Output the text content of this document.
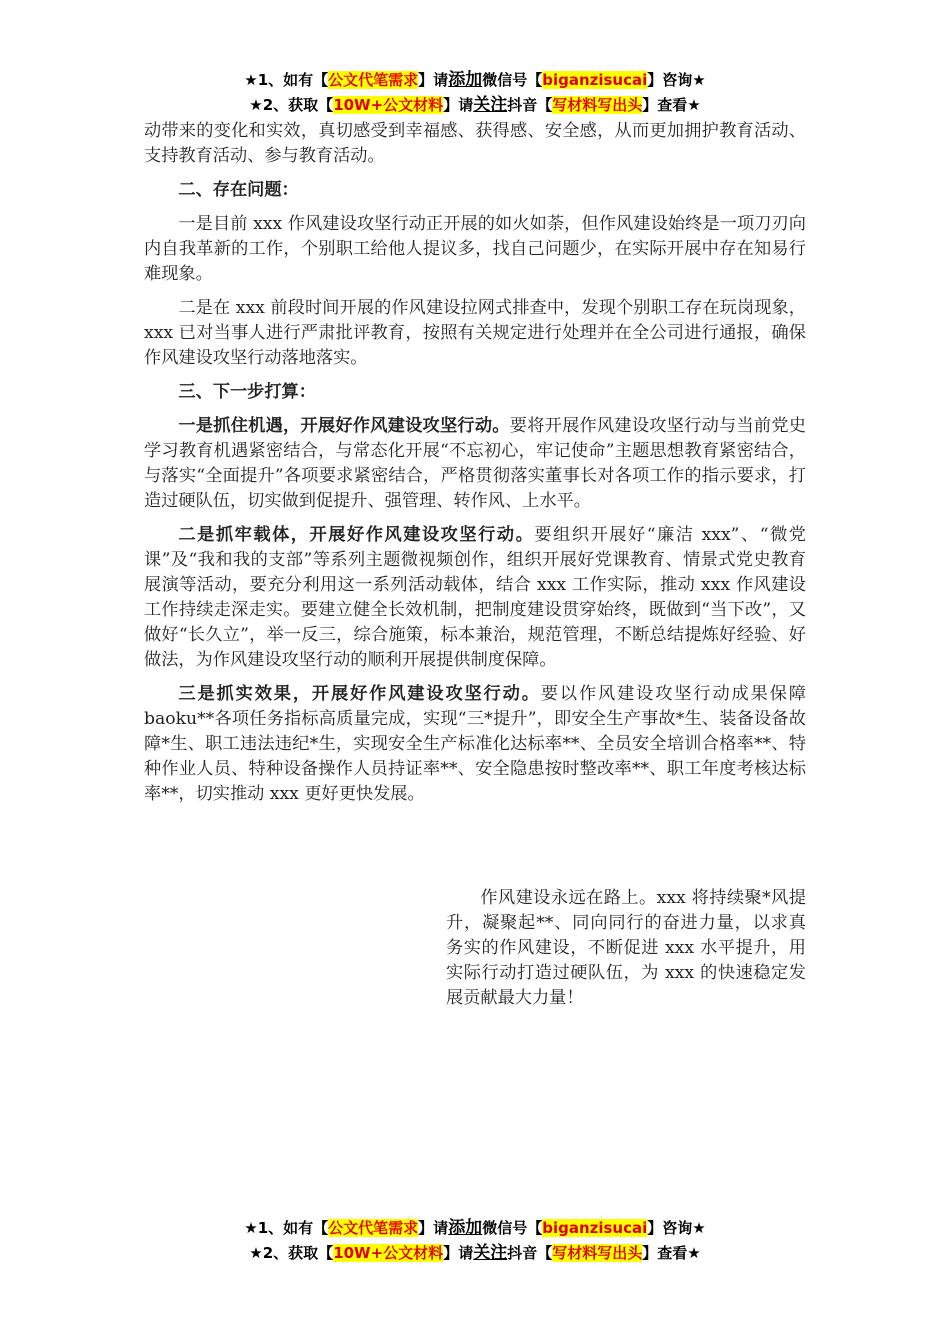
★1、如有【公文代笔需求】请添加微信号【biganzisucai】咨询★
★2、获取【10W+公文材料】请关注抖音【写材料写出头】查看★

动带来的变化和实效，真切感受到幸福感、获得感、安全感，从而更加拥护教育活动、支持教育活动、参与教育活动。

二、存在问题：

一是目前 xxx 作风建设攻坚行动正开展的如火如荼，但作风建设始终是一项刀刃向内自我革新的工作，个别职工给他人提议多，找自己问题少，在实际开展中存在知易行难现象。

二是在 xxx 前段时间开展的作风建设拉网式排查中，发现个别职工存在玩岗现象，xxx 已对当事人进行严肃批评教育，按照有关规定进行处理并在全公司进行通报，确保作风建设攻坚行动落地落实。

三、下一步打算：

一是抓住机遇，开展好作风建设攻坚行动。要将开展作风建设攻坚行动与当前党史学习教育机遇紧密结合，与常态化开展“不忘初心，牢记使命”主题思想教育紧密结合，与落实“全面提升”各项要求紧密结合，严格贯彻落实董事长对各项工作的指示要求，打造过硬队伍，切实做到促提升、强管理、转作风、上水平。

二是抓牢载体，开展好作风建设攻坚行动。要组织开展好“廉洁 xxx”、“微党课”及“我和我的支部”等系列主题微视频创作，组织开展好党课教育、情景式党史教育展演等活动，要充分利用这一系列活动载体，结合 xxx 工作实际，推动 xxx 作风建设工作持续走深走实。要建立健全长效机制，把制度建设贯穿始终，既做到“当下改”，又做好“长久立”，举一反三，综合施策，标本兼治，规范管理，不断总结提炼好经验、好做法，为作风建设攻坚行动的顺利开展提供制度保障。

三是抓实效果，开展好作风建设攻坚行动。要以作风建设攻坚行动成果保障 baoku**各项任务指标高质量完成，实现“三*提升”，即安全生产事故*生、装备设备故障*生、职工违法违纪*生，实现安全生产标准化达标率**、全员安全培训合格率**、特种作业人员、特种设备操作人员持证率**、安全隐患按时整改率**、职工年度考核达标率**，切实推动 xxx 更好更快发展。

作风建设永远在路上。xxx 将持续聚*风提升，凝聚起**、同向同行的奋进力量，以求真务实的作风建设，不断促进 xxx 水平提升，用实际行动打造过硬队伍，为 xxx 的快速稳定发展贡献最大力量！

★1、如有【公文代笔需求】请添加微信号【biganzisucai】咨询★
★2、获取【10W+公文材料】请关注抖音【写材料写出头】查看★
